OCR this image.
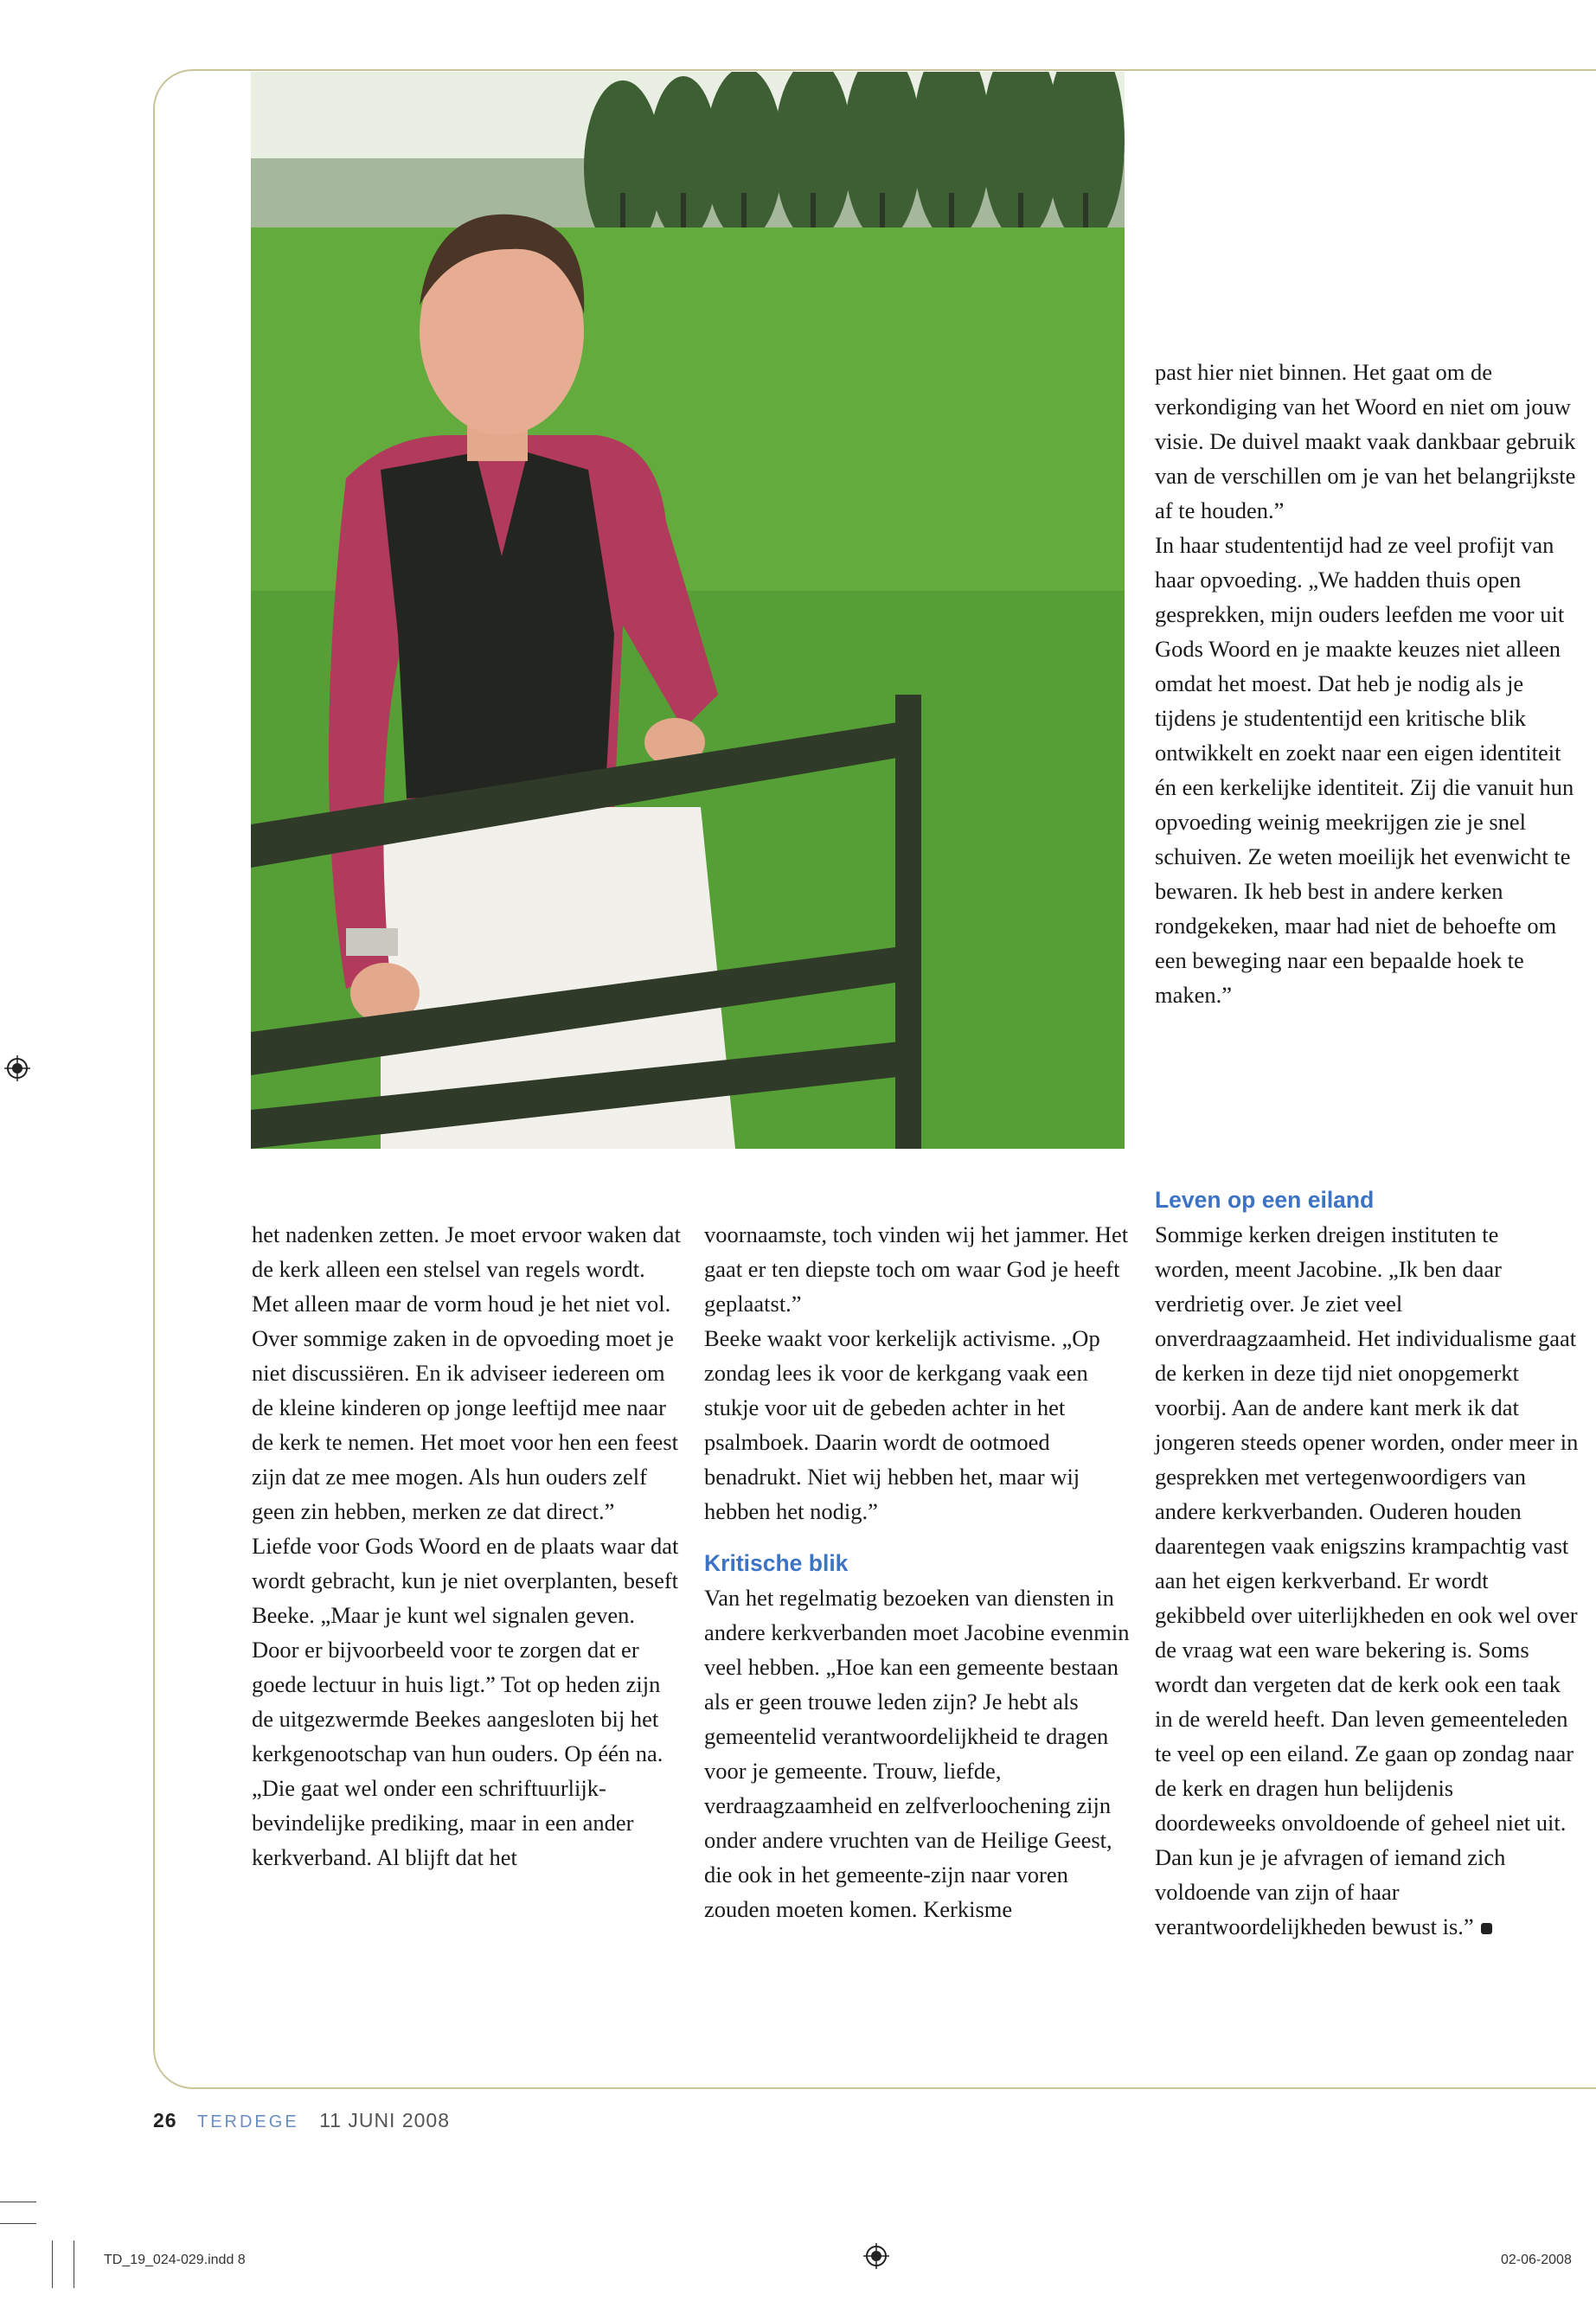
het nadenken zetten. Je moet ervoor waken dat de kerk alleen een stelsel van regels wordt. Met alleen maar de vorm houd je het niet vol. Over sommige zaken in de opvoeding moet je niet discussiëren. En ik adviseer iedereen om de kleine kinderen op jonge leeftijd mee naar de kerk te nemen. Het moet voor hen een feest zijn dat ze mee mogen. Als hun ouders zelf geen zin hebben, merken ze dat direct.”

Liefde voor Gods Woord en de plaats waar dat wordt gebracht, kun je niet overplanten, beseft Beeke. „Maar je kunt wel signalen geven. Door er bijvoorbeeld voor te zorgen dat er goede lectuur in huis ligt.” Tot op heden zijn de uitgezwermde Beekes aangesloten bij het kerkgenootschap van hun ouders. Op één na. „Die gaat wel onder een schriftuurlijk-bevindelijke prediking, maar in een ander kerkverband. Al blijft dat het

voornaamste, toch vinden wij het jammer. Het gaat er ten diepste toch om waar God je heeft geplaatst.”

Beeke waakt voor kerkelijk activisme. „Op zondag lees ik voor de kerkgang vaak een stukje voor uit de gebeden achter in het psalmboek. Daarin wordt de ootmoed benadrukt. Niet wij hebben het, maar wij hebben het nodig.”

Kritische blik

Van het regelmatig bezoeken van diensten in andere kerkverbanden moet Jacobine evenmin veel hebben. „Hoe kan een gemeente bestaan als er geen trouwe leden zijn? Je hebt als gemeentelid verantwoordelijkheid te dragen voor je gemeente. Trouw, liefde, verdraagzaamheid en zelfverloochening zijn onder andere vruchten van de Heilige Geest, die ook in het gemeente-zijn naar voren zouden moeten komen. Kerkisme

past hier niet binnen. Het gaat om de verkondiging van het Woord en niet om jouw visie. De duivel maakt vaak dankbaar gebruik van de verschillen om je van het belangrijkste af te houden.”

In haar studententijd had ze veel profijt van haar opvoeding. „We hadden thuis open gesprekken, mijn ouders leefden me voor uit Gods Woord en je maakte keuzes niet alleen omdat het moest. Dat heb je nodig als je tijdens je studententijd een kritische blik ontwikkelt en zoekt naar een eigen identiteit én een kerkelijke identiteit. Zij die vanuit hun opvoeding weinig meekrijgen zie je snel schuiven. Ze weten moeilijk het evenwicht te bewaren. Ik heb best in andere kerken rondgekeken, maar had niet de behoefte om een beweging naar een bepaalde hoek te maken.”

Leven op een eiland

Sommige kerken dreigen instituten te worden, meent Jacobine. „Ik ben daar verdrietig over. Je ziet veel onverdraagzaamheid. Het individualisme gaat de kerken in deze tijd niet onopgemerkt voorbij. Aan de andere kant merk ik dat jongeren steeds opener worden, onder meer in gesprekken met vertegenwoordigers van andere kerkverbanden. Ouderen houden daarentegen vaak enigszins krampachtig vast aan het eigen kerkverband. Er wordt gekibbeld over uiterlijkheden en ook wel over de vraag wat een ware bekering is. Soms wordt dan vergeten dat de kerk ook een taak in de wereld heeft. Dan leven gemeenteleden te veel op een eiland. Ze gaan op zondag naar de kerk en dragen hun belijdenis doordeweeks onvoldoende of geheel niet uit. Dan kun je je afvragen of iemand zich voldoende van zijn of haar verantwoordelijkheden bewust is.”

26 TERDEGE 11 JUNI 2008
TD_19_024-029.indd 8	02-06-2008
